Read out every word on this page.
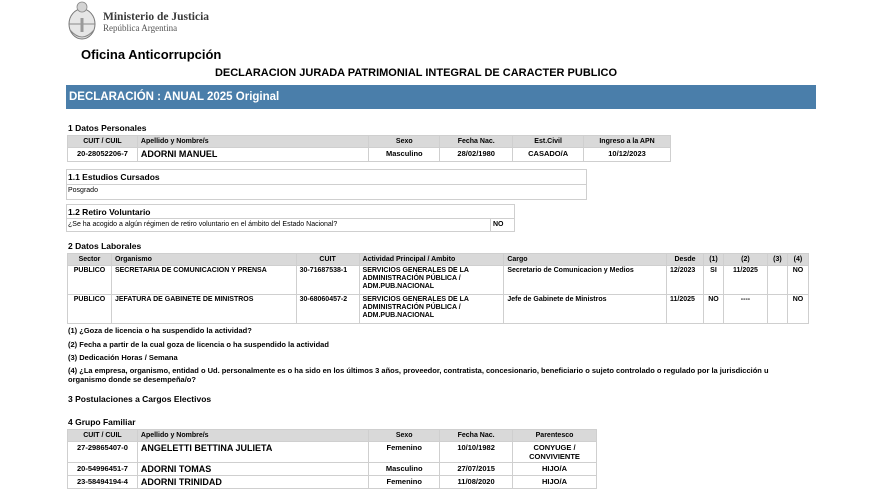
Ministerio de Justicia
República Argentina
Oficina Anticorrupción
DECLARACION JURADA PATRIMONIAL INTEGRAL DE CARACTER PUBLICO
DECLARACIÓN : ANUAL 2025 Original
1 Datos Personales
CUIT / CUIL	Apellido y Nombre/s	Sexo	Fecha Nac.	Est.Civil	Ingreso a la APN
20-28052206-7	ADORNI MANUEL	Masculino	28/02/1980	CASADO/A	10/12/2023
1.1 Estudios Cursados
Posgrado
1.2 Retiro Voluntario
¿Se ha acogido a algún régimen de retiro voluntario en el ámbito del Estado Nacional?	NO
2 Datos Laborales
Sector	Organismo	CUIT	Actividad Principal / Ambito	Cargo	Desde	(1)	(2)	(3)	(4)
PUBLICO	SECRETARIA DE COMUNICACION Y PRENSA	30-71687538-1	SERVICIOS GENERALES DE LA ADMINISTRACIÓN PÚBLICA / ADM.PUB.NACIONAL	Secretario de Comunicacion y Medios	12/2023	SI	11/2025		NO
PUBLICO	JEFATURA DE GABINETE DE MINISTROS	30-68060457-2	SERVICIOS GENERALES DE LA ADMINISTRACIÓN PÚBLICA / ADM.PUB.NACIONAL	Jefe de Gabinete de Ministros	11/2025	NO	----		NO
(1) ¿Goza de licencia o ha suspendido la actividad?
(2) Fecha a partir de la cual goza de licencia o ha suspendido la actividad
(3) Dedicación Horas / Semana
(4) ¿La empresa, organismo, entidad o Ud. personalmente es o ha sido en los últimos 3 años, proveedor, contratista, concesionario, beneficiario o sujeto controlado o regulado por la jurisdicción u organismo donde se desempeña/o?
3 Postulaciones a Cargos Electivos
4 Grupo Familiar
CUIT / CUIL	Apellido y Nombre/s	Sexo	Fecha Nac.	Parentesco
27-29865407-0	ANGELETTI BETTINA JULIETA	Femenino	10/10/1982	CONYUGE / CONVIVIENTE
20-54996451-7	ADORNI TOMAS	Masculino	27/07/2015	HIJO/A
23-58494194-4	ADORNI TRINIDAD	Femenino	11/08/2020	HIJO/A
